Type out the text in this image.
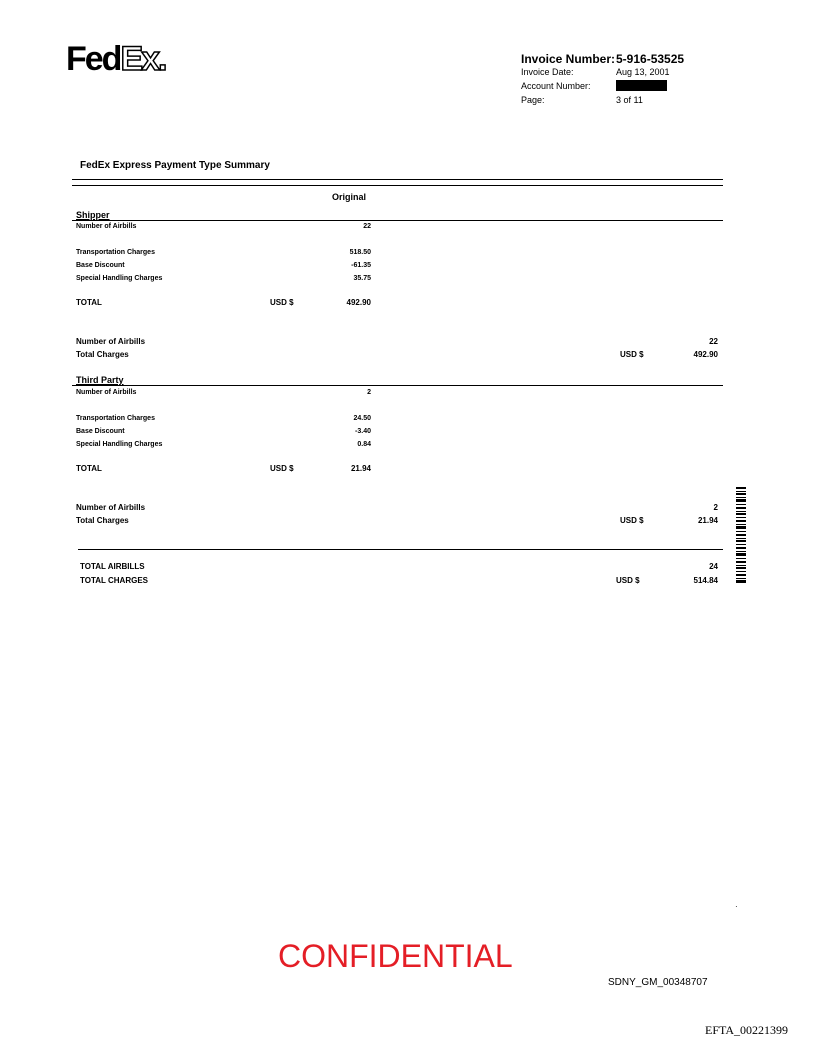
FedEx.	Invoice Number: 5-916-53525
Invoice Date:	Aug 13, 2001
Account Number:
Page:	3 of 11
FedEx Express Payment Type Summary
Original
Shipper
Number of Airbills	22
Transportation Charges	518.50
Base Discount	-61.35
Special Handling Charges	35.75
TOTAL	USD $	492.90
Number of Airbills	22
Total Charges	USD $	492.90
Third Party
Number of Airbills	2
Transportation Charges	24.50
Base Discount	-3.40
Special Handling Charges	0.84
TOTAL	USD $	21.94
Number of Airbills	2
Total Charges	USD $	21.94
TOTAL AIRBILLS	24
TOTAL CHARGES	USD $	514.84
·
CONFIDENTIAL
SDNY_GM_00348707
EFTA_00221399
